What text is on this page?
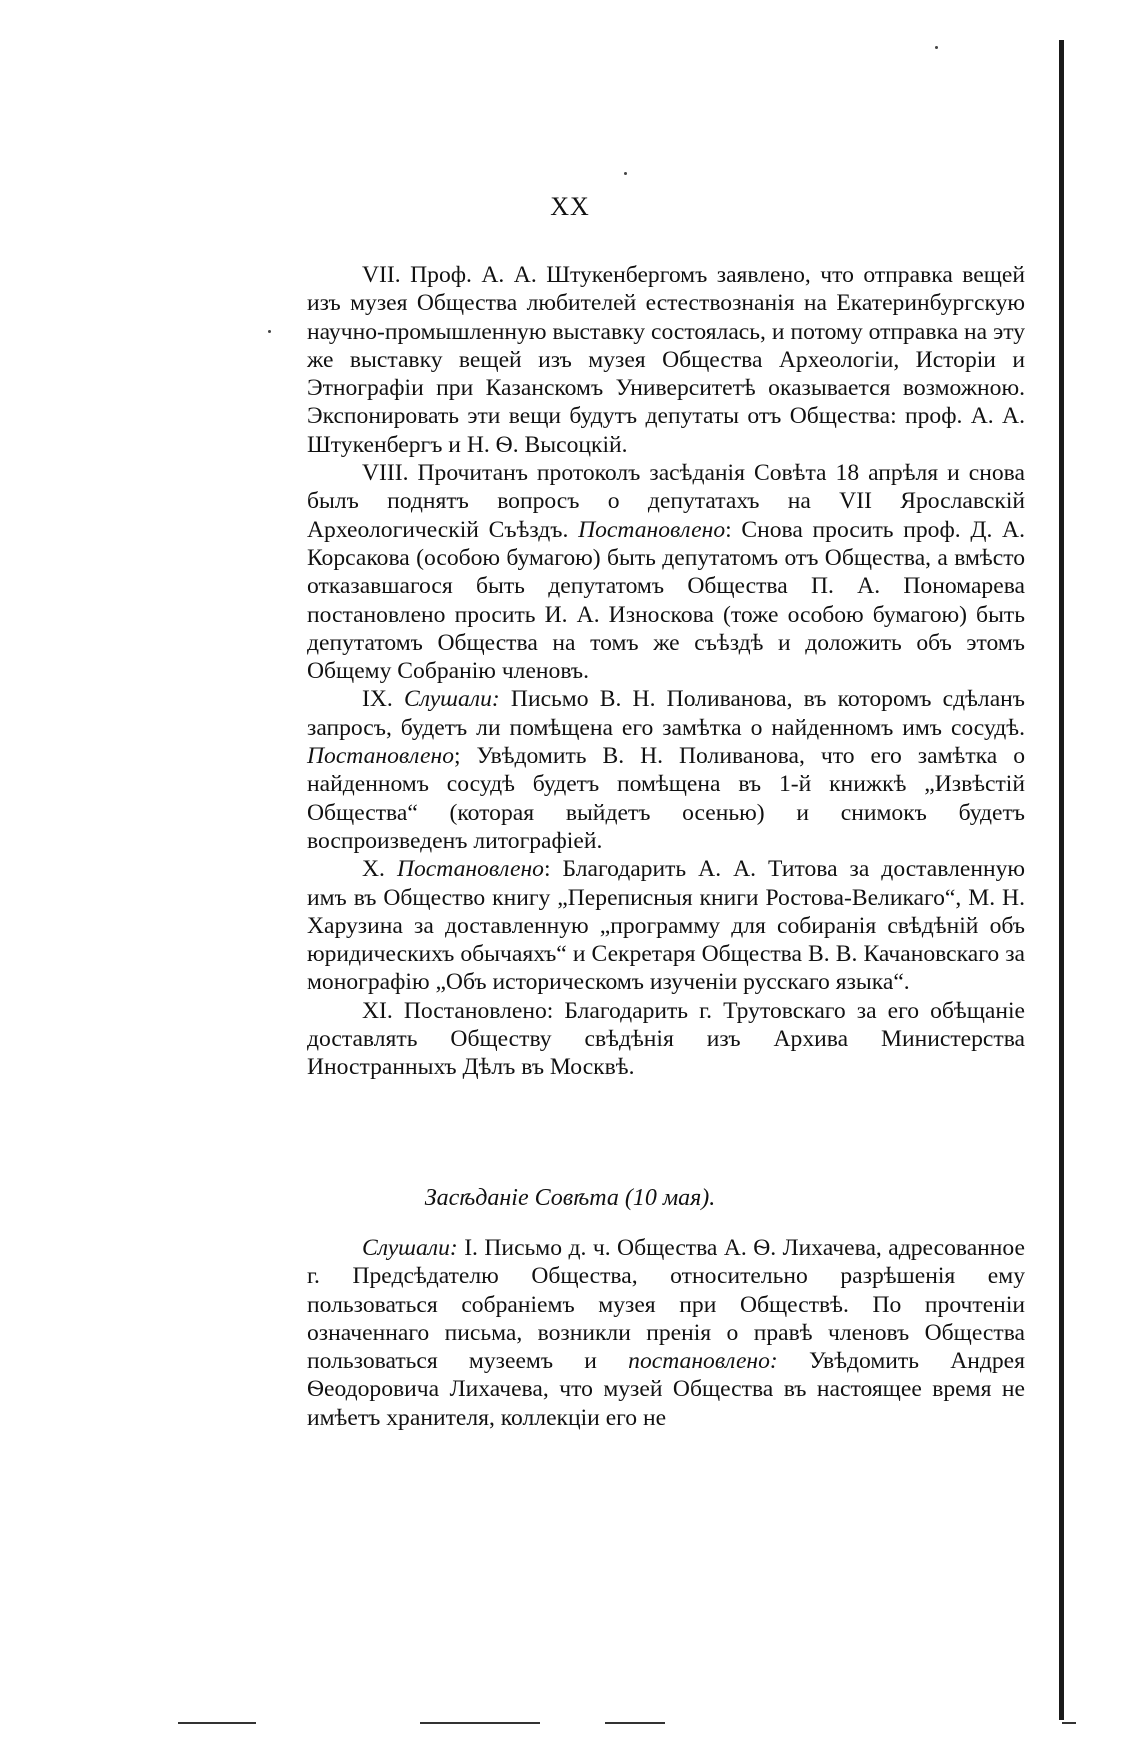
XX

VII. Проф. А. А. Штукенбергомъ заявлено, что отправка вещей изъ музея Общества любителей естествознанія на Екатеринбургскую научно-промышленную выставку состоялась, и потому отправка на эту же выставку вещей изъ музея Общества Археологіи, Исторіи и Этнографіи при Казанскомъ Университетѣ оказывается возможною. Экспонировать эти вещи будутъ депутаты отъ Общества: проф. А. А. Штукенбергъ и Н. Ѳ. Высоцкій.

VIII. Прочитанъ протоколъ засѣданія Совѣта 18 апрѣля и снова былъ поднятъ вопросъ о депутатахъ на VII Ярославскій Археологическій Съѣздъ. Постановлено: Снова просить проф. Д. А. Корсакова (особою бумагою) быть депутатомъ отъ Общества, а вмѣсто отказавшагося быть депутатомъ Общества П. А. Пономарева постановлено просить И. А. Износкова (тоже особою бумагою) быть депутатомъ Общества на томъ же съѣздѣ и доложить объ этомъ Общему Собранію членовъ.

IX. Слушали: Письмо В. Н. Поливанова, въ которомъ сдѣланъ запросъ, будетъ ли помѣщена его замѣтка о найденномъ имъ сосудѣ. Постановлено; Увѣдомить В. Н. Поливанова, что его замѣтка о найденномъ сосудѣ будетъ помѣщена въ 1-й книжкѣ „Извѣстій Общества“ (которая выйдетъ осенью) и снимокъ будетъ воспроизведенъ литографіей.

X. Постановлено: Благодарить А. А. Титова за доставленную имъ въ Общество книгу „Переписныя книги Ростова-Великаго“, М. Н. Харузина за доставленную „программу для собиранія свѣдѣній объ юридическихъ обычаяхъ“ и Секретаря Общества В. В. Качановскаго за монографію „Объ историческомъ изученіи русскаго языка“.

XI. Постановлено: Благодарить г. Трутовскаго за его обѣщаніе доставлять Обществу свѣдѣнія изъ Архива Министерства Иностранныхъ Дѣлъ въ Москвѣ.

Засѣданіе Совѣта (10 мая).

Слушали: I. Письмо д. ч. Общества А. Ѳ. Лихачева, адресованное г. Предсѣдателю Общества, относительно разрѣшенія ему пользоваться собраніемъ музея при Обществѣ. По прочтеніи означеннаго письма, возникли пренія о правѣ членовъ Общества пользоваться музеемъ и постановлено: Увѣдомить Андрея Ѳеодоровича Лихачева, что музей Общества въ настоящее время не имѣетъ хранителя, коллекціи его не
